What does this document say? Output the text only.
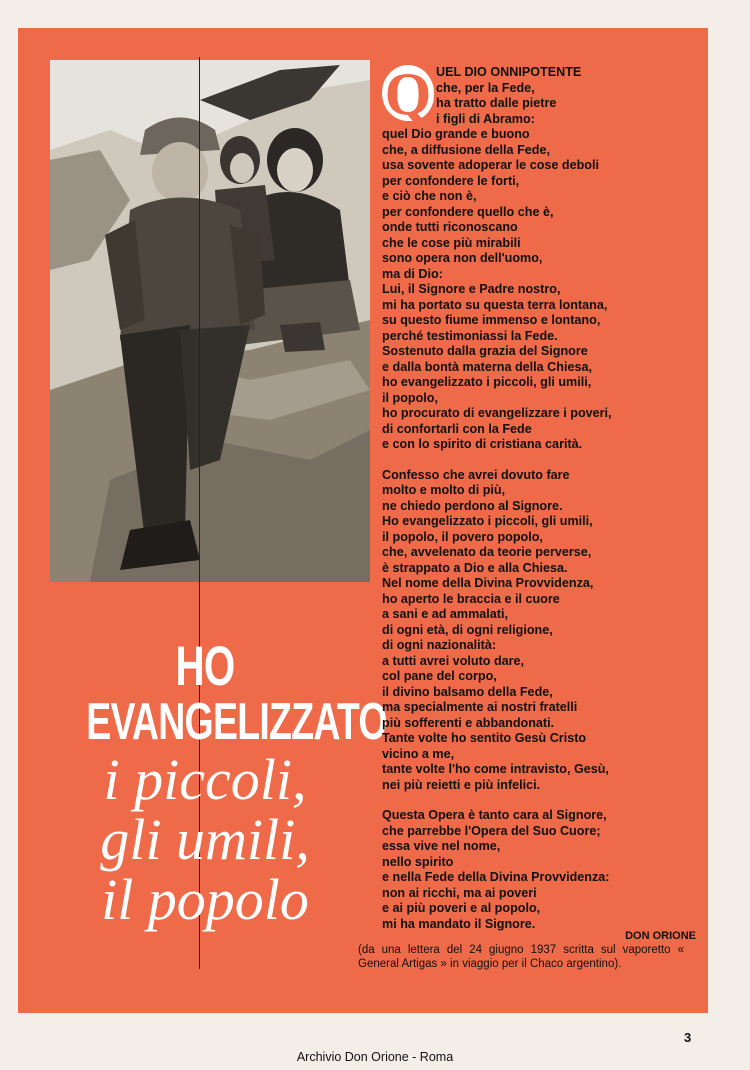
HO
EVANGELIZZATO
i piccoli,
gli umili,
il popolo
Q UEL DIO ONNIPOTENTE
che, per la Fede,
ha tratto dalle pietre
i figli di Abramo:
quel Dio grande e buono
che, a diffusione della Fede,
usa sovente adoperar le cose deboli
per confondere le forti,
e ciò che non è,
per confondere quello che è,
onde tutti riconoscano
che le cose più mirabili
sono opera non dell'uomo,
ma di Dio:
Lui, il Signore e Padre nostro,
mi ha portato su questa terra lontana,
su questo fiume immenso e lontano,
perché testimoniassi la Fede.
Sostenuto dalla grazia del Signore
e dalla bontà materna della Chiesa,
ho evangelizzato i piccoli, gli umili,
il popolo,
ho procurato di evangelizzare i poveri,
di confortarli con la Fede
e con lo spirito di cristiana carità.
Confesso che avrei dovuto fare
molto e molto di più,
ne chiedo perdono al Signore.
Ho evangelizzato i piccoli, gli umili,
il popolo, il povero popolo,
che, avvelenato da teorie perverse,
è strappato a Dio e alla Chiesa.
Nel nome della Divina Provvidenza,
ho aperto le braccia e il cuore
a sani e ad ammalati,
di ogni età, di ogni religione,
di ogni nazionalità:
a tutti avrei voluto dare,
col pane del corpo,
il divino balsamo della Fede,
ma specialmente ai nostri fratelli
più sofferenti e abbandonati.
Tante volte ho sentito Gesù Cristo
vicino a me,
tante volte l'ho come intravisto, Gesù,
nei più reietti e più infelici.
Questa Opera è tanto cara al Signore,
che parrebbe l'Opera del Suo Cuore;
essa vive nel nome,
nello spirito
e nella Fede della Divina Provvidenza:
non ai ricchi, ma ai poveri
e ai più poveri e al popolo,
mi ha mandato il Signore.
DON ORIONE
(da una lettera del 24 giugno 1937 scritta sul vaporetto « General Artigas » in viaggio per il Chaco argentino).
3
Archivio Don Orione - Roma
